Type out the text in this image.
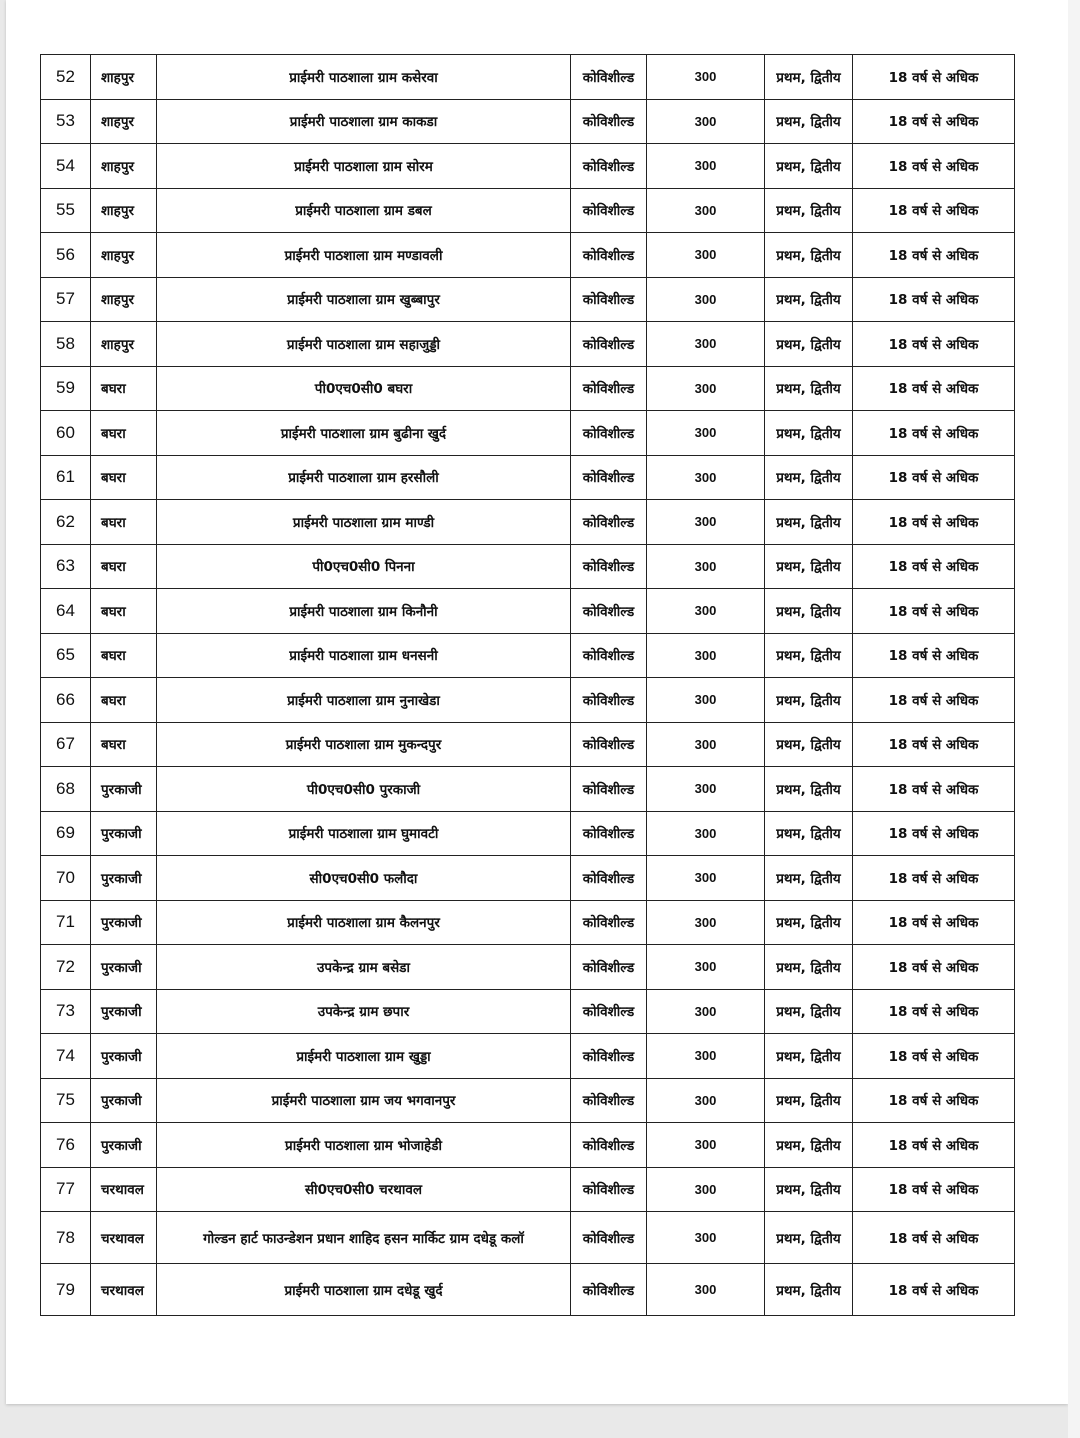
52	शाहपुर	प्राईमरी पाठशाला ग्राम कसेरवा	कोविशील्ड	300	प्रथम, द्वितीय	18 वर्ष से अधिक
53	शाहपुर	प्राईमरी पाठशाला ग्राम काकडा	कोविशील्ड	300	प्रथम, द्वितीय	18 वर्ष से अधिक
54	शाहपुर	प्राईमरी पाठशाला ग्राम सोरम	कोविशील्ड	300	प्रथम, द्वितीय	18 वर्ष से अधिक
55	शाहपुर	प्राईमरी पाठशाला ग्राम डबल	कोविशील्ड	300	प्रथम, द्वितीय	18 वर्ष से अधिक
56	शाहपुर	प्राईमरी पाठशाला ग्राम मण्डावली	कोविशील्ड	300	प्रथम, द्वितीय	18 वर्ष से अधिक
57	शाहपुर	प्राईमरी पाठशाला ग्राम खुब्बापुर	कोविशील्ड	300	प्रथम, द्वितीय	18 वर्ष से अधिक
58	शाहपुर	प्राईमरी पाठशाला ग्राम सहाजुड्डी	कोविशील्ड	300	प्रथम, द्वितीय	18 वर्ष से अधिक
59	बघरा	पी0एच0सी0 बघरा	कोविशील्ड	300	प्रथम, द्वितीय	18 वर्ष से अधिक
60	बघरा	प्राईमरी पाठशाला ग्राम बुढीना खुर्द	कोविशील्ड	300	प्रथम, द्वितीय	18 वर्ष से अधिक
61	बघरा	प्राईमरी पाठशाला ग्राम हरसौली	कोविशील्ड	300	प्रथम, द्वितीय	18 वर्ष से अधिक
62	बघरा	प्राईमरी पाठशाला ग्राम माण्डी	कोविशील्ड	300	प्रथम, द्वितीय	18 वर्ष से अधिक
63	बघरा	पी0एच0सी0 पिनना	कोविशील्ड	300	प्रथम, द्वितीय	18 वर्ष से अधिक
64	बघरा	प्राईमरी पाठशाला ग्राम किनौनी	कोविशील्ड	300	प्रथम, द्वितीय	18 वर्ष से अधिक
65	बघरा	प्राईमरी पाठशाला ग्राम धनसनी	कोविशील्ड	300	प्रथम, द्वितीय	18 वर्ष से अधिक
66	बघरा	प्राईमरी पाठशाला ग्राम नुनाखेडा	कोविशील्ड	300	प्रथम, द्वितीय	18 वर्ष से अधिक
67	बघरा	प्राईमरी पाठशाला ग्राम मुकन्दपुर	कोविशील्ड	300	प्रथम, द्वितीय	18 वर्ष से अधिक
68	पुरकाजी	पी0एच0सी0 पुरकाजी	कोविशील्ड	300	प्रथम, द्वितीय	18 वर्ष से अधिक
69	पुरकाजी	प्राईमरी पाठशाला ग्राम घुमावटी	कोविशील्ड	300	प्रथम, द्वितीय	18 वर्ष से अधिक
70	पुरकाजी	सी0एच0सी0 फलौदा	कोविशील्ड	300	प्रथम, द्वितीय	18 वर्ष से अधिक
71	पुरकाजी	प्राईमरी पाठशाला ग्राम कैलनपुर	कोविशील्ड	300	प्रथम, द्वितीय	18 वर्ष से अधिक
72	पुरकाजी	उपकेन्द्र ग्राम बसेडा	कोविशील्ड	300	प्रथम, द्वितीय	18 वर्ष से अधिक
73	पुरकाजी	उपकेन्द्र ग्राम छपार	कोविशील्ड	300	प्रथम, द्वितीय	18 वर्ष से अधिक
74	पुरकाजी	प्राईमरी पाठशाला ग्राम खुड्डा	कोविशील्ड	300	प्रथम, द्वितीय	18 वर्ष से अधिक
75	पुरकाजी	प्राईमरी पाठशाला ग्राम जय भगवानपुर	कोविशील्ड	300	प्रथम, द्वितीय	18 वर्ष से अधिक
76	पुरकाजी	प्राईमरी पाठशाला ग्राम भोजाहेडी	कोविशील्ड	300	प्रथम, द्वितीय	18 वर्ष से अधिक
77	चरथावल	सी0एच0सी0 चरथावल	कोविशील्ड	300	प्रथम, द्वितीय	18 वर्ष से अधिक
78	चरथावल	गोल्डन हार्ट फाउन्डेशन प्रधान शाहिद हसन मार्किट ग्राम दधेडू कलॉ	कोविशील्ड	300	प्रथम, द्वितीय	18 वर्ष से अधिक
79	चरथावल	प्राईमरी पाठशाला ग्राम दधेडू खुर्द	कोविशील्ड	300	प्रथम, द्वितीय	18 वर्ष से अधिक
